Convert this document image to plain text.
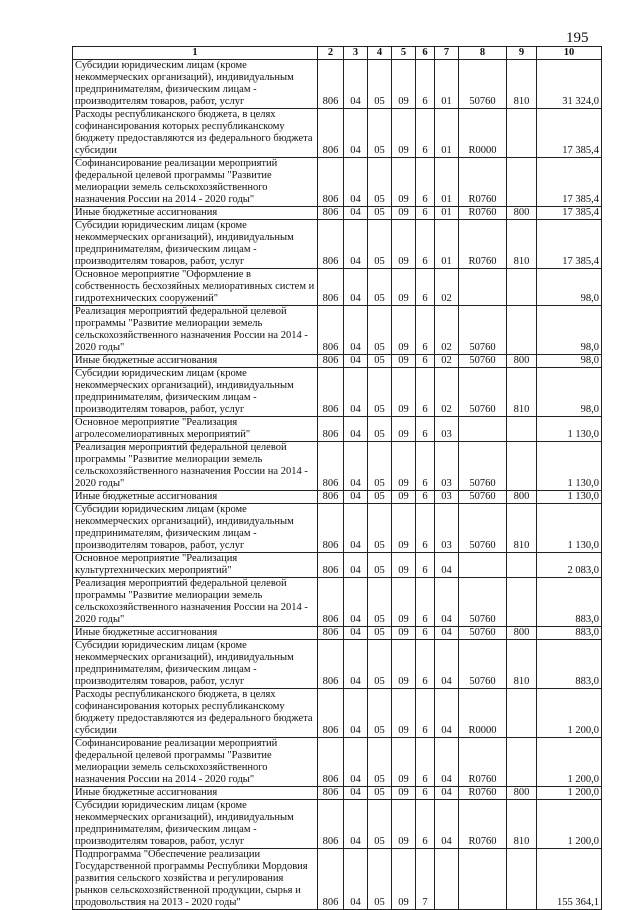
195
1	2	3	4	5	6	7	8	9	10
Субсидии юридическим лицам (кроме некоммерческих организаций), индивидуальным предпринимателям, физическим лицам - производителям товаров, работ, услуг	806	04	05	09	6	01	50760	810	31 324,0
Расходы республиканского бюджета, в целях софинансирования которых республиканскому бюджету предоставляются из федерального бюджета субсидии	806	04	05	09	6	01	R0000		17 385,4
Софинансирование реализации мероприятий федеральной целевой программы "Развитие мелиорации земель сельскохозяйственного назначения России на 2014 - 2020 годы"	806	04	05	09	6	01	R0760		17 385,4
Иные бюджетные ассигнования	806	04	05	09	6	01	R0760	800	17 385,4
Субсидии юридическим лицам (кроме некоммерческих организаций), индивидуальным предпринимателям, физическим лицам - производителям товаров, работ, услуг	806	04	05	09	6	01	R0760	810	17 385,4
Основное мероприятие "Оформление в собственность бесхозяйных мелиоративных систем и гидротехнических сооружений"	806	04	05	09	6	02			98,0
Реализация мероприятий федеральной целевой программы "Развитие мелиорации земель сельскохозяйственного назначения России на 2014 - 2020 годы"	806	04	05	09	6	02	50760		98,0
Иные бюджетные ассигнования	806	04	05	09	6	02	50760	800	98,0
Субсидии юридическим лицам (кроме некоммерческих организаций), индивидуальным предпринимателям, физическим лицам - производителям товаров, работ, услуг	806	04	05	09	6	02	50760	810	98,0
Основное мероприятие "Реализация агролесомелиоративных мероприятий"	806	04	05	09	6	03			1 130,0
Реализация мероприятий федеральной целевой программы "Развитие мелиорации земель сельскохозяйственного назначения России на 2014 - 2020 годы"	806	04	05	09	6	03	50760		1 130,0
Иные бюджетные ассигнования	806	04	05	09	6	03	50760	800	1 130,0
Субсидии юридическим лицам (кроме некоммерческих организаций), индивидуальным предпринимателям, физическим лицам - производителям товаров, работ, услуг	806	04	05	09	6	03	50760	810	1 130,0
Основное мероприятие "Реализация культуртехнических мероприятий"	806	04	05	09	6	04			2 083,0
Реализация мероприятий федеральной целевой программы "Развитие мелиорации земель сельскохозяйственного назначения России на 2014 - 2020 годы"	806	04	05	09	6	04	50760		883,0
Иные бюджетные ассигнования	806	04	05	09	6	04	50760	800	883,0
Субсидии юридическим лицам (кроме некоммерческих организаций), индивидуальным предпринимателям, физическим лицам - производителям товаров, работ, услуг	806	04	05	09	6	04	50760	810	883,0
Расходы республиканского бюджета, в целях софинансирования которых республиканскому бюджету предоставляются из федерального бюджета субсидии	806	04	05	09	6	04	R0000		1 200,0
Софинансирование реализации мероприятий федеральной целевой программы "Развитие мелиорации земель сельскохозяйственного назначения России на 2014 - 2020 годы"	806	04	05	09	6	04	R0760		1 200,0
Иные бюджетные ассигнования	806	04	05	09	6	04	R0760	800	1 200,0
Субсидии юридическим лицам (кроме некоммерческих организаций), индивидуальным предпринимателям, физическим лицам - производителям товаров, работ, услуг	806	04	05	09	6	04	R0760	810	1 200,0
Подпрограмма "Обеспечение реализации Государственной программы Республики Мордовия развития сельского хозяйства и регулирования рынков сельскохозяйственной продукции, сырья и продовольствия на 2013 - 2020 годы"	806	04	05	09	7				155 364,1
